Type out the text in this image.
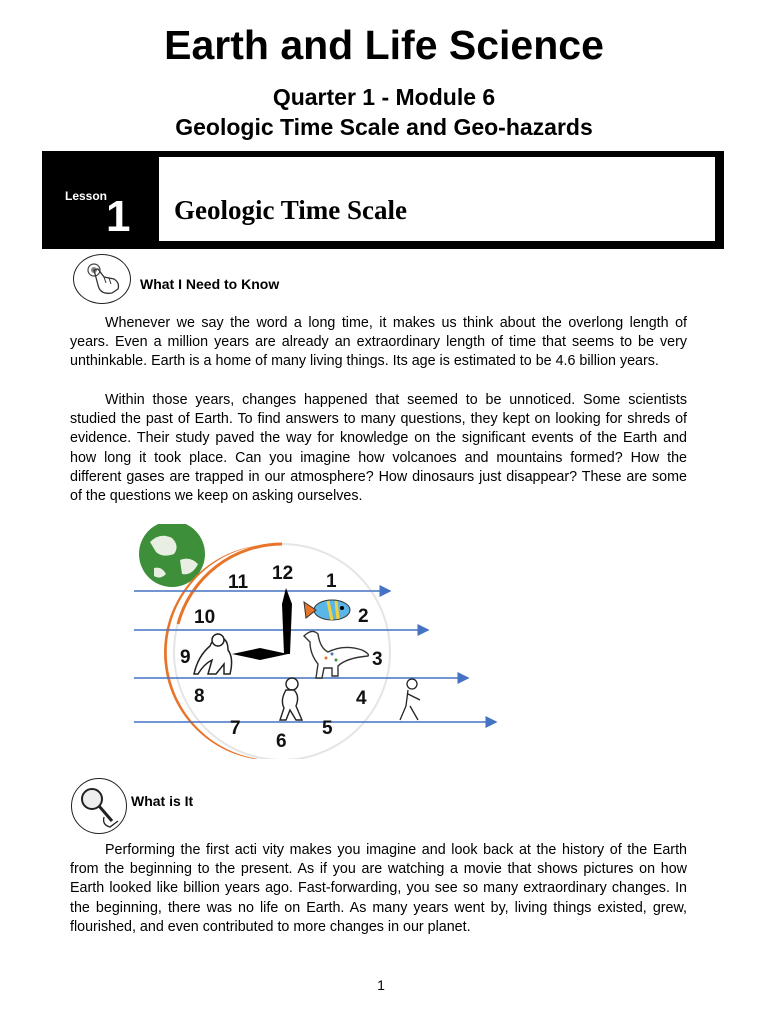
Earth and Life Science
Quarter 1 - Module 6
Geologic Time Scale and Geo-hazards
Lesson
1 Geologic Time Scale
What I Need to Know

Whenever we say the word a long time, it makes us think about the overlong length of years. Even a million years are already an extraordinary length of time that seems to be very unthinkable. Earth is a home of many living things. Its age is estimated to be 4.6 billion years.

Within those years, changes happened that seemed to be unnoticed. Some scientists studied the past of Earth. To find answers to many questions, they kept on looking for shreds of evidence. Their study paved the way for knowledge on the significant events of the Earth and how long it took place. Can you imagine how volcanoes and mountains formed? How the different gases are trapped in our atmosphere? How dinosaurs just disappear? These are some of the questions we keep on asking ourselves.

12 1
2
3
4
5
6
7
8
9
10
11
What is It

Performing the first acti vity makes you imagine and look back at the history of the Earth from the beginning to the present. As if you are watching a movie that shows pictures on how Earth looked like billion years ago. Fast-forwarding, you see so many extraordinary changes. In the beginning, there was no life on Earth. As many years went by, living things existed, grew, flourished, and even contributed to more changes in our planet.

1
